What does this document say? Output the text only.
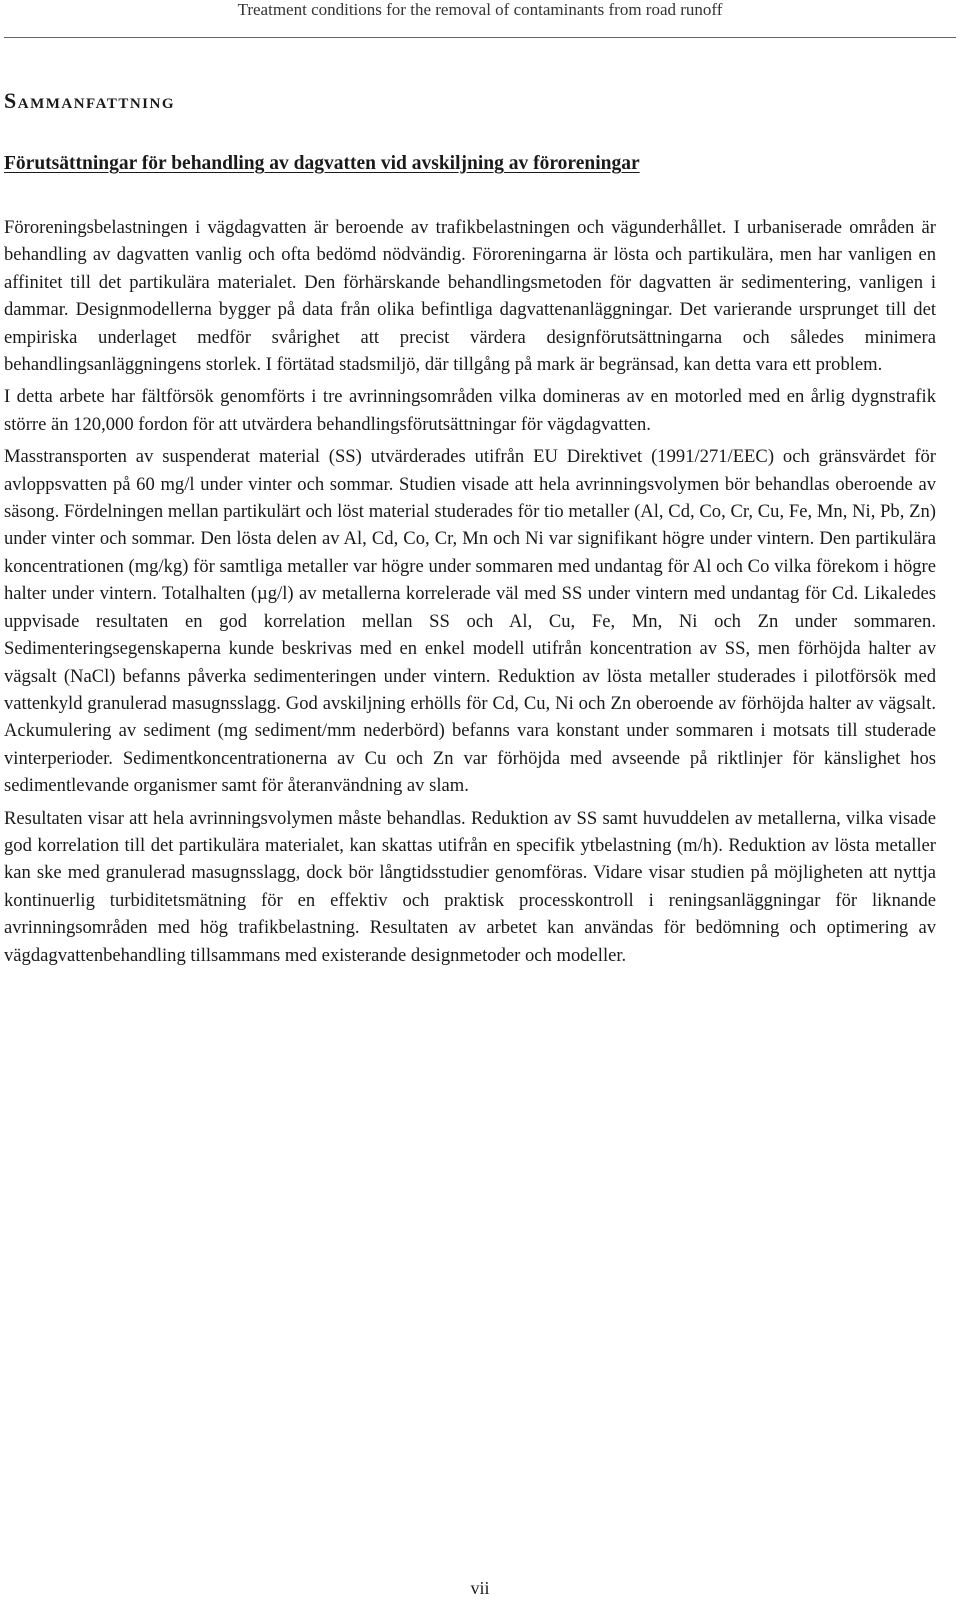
Treatment conditions for the removal of contaminants from road runoff
Sammanfattning
Förutsättningar för behandling av dagvatten vid avskiljning av föroreningar

Föroreningsbelastningen i vägdagvatten är beroende av trafikbelastningen och vägunderhållet. I urbaniserade områden är behandling av dagvatten vanlig och ofta bedömd nödvändig. Föroreningarna är lösta och partikulära, men har vanligen en affinitet till det partikulära materialet. Den förhärskande behandlingsmetoden för dagvatten är sedimentering, vanligen i dammar. Designmodellerna bygger på data från olika befintliga dagvattenanläggningar. Det varierande ursprunget till det empiriska underlaget medför svårighet att precist värdera designförutsättningarna och således minimera behandlingsanläggningens storlek. I förtätad stadsmiljö, där tillgång på mark är begränsad, kan detta vara ett problem.

I detta arbete har fältförsök genomförts i tre avrinningsområden vilka domineras av en motorled med en årlig dygnstrafik större än 120,000 fordon för att utvärdera behandlingsförutsättningar för vägdagvatten.

Masstransporten av suspenderat material (SS) utvärderades utifrån EU Direktivet (1991/271/EEC) och gränsvärdet för avloppsvatten på 60 mg/l under vinter och sommar. Studien visade att hela avrinningsvolymen bör behandlas oberoende av säsong. Fördelningen mellan partikulärt och löst material studerades för tio metaller (Al, Cd, Co, Cr, Cu, Fe, Mn, Ni, Pb, Zn) under vinter och sommar. Den lösta delen av Al, Cd, Co, Cr, Mn och Ni var signifikant högre under vintern. Den partikulära koncentrationen (mg/kg) för samtliga metaller var högre under sommaren med undantag för Al och Co vilka förekom i högre halter under vintern. Totalhalten (µg/l) av metallerna korrelerade väl med SS under vintern med undantag för Cd. Likaledes uppvisade resultaten en god korrelation mellan SS och Al, Cu, Fe, Mn, Ni och Zn under sommaren. Sedimenteringsegenskaperna kunde beskrivas med en enkel modell utifrån koncentration av SS, men förhöjda halter av vägsalt (NaCl) befanns påverka sedimenteringen under vintern. Reduktion av lösta metaller studerades i pilotförsök med vattenkyld granulerad masugnsslagg. God avskiljning erhölls för Cd, Cu, Ni och Zn oberoende av förhöjda halter av vägsalt. Ackumulering av sediment (mg sediment/mm nederbörd) befanns vara konstant under sommaren i motsats till studerade vinterperioder. Sedimentkoncentrationerna av Cu och Zn var förhöjda med avseende på riktlinjer för känslighet hos sedimentlevande organismer samt för återanvändning av slam.

Resultaten visar att hela avrinningsvolymen måste behandlas. Reduktion av SS samt huvuddelen av metallerna, vilka visade god korrelation till det partikulära materialet, kan skattas utifrån en specifik ytbelastning (m/h). Reduktion av lösta metaller kan ske med granulerad masugnsslagg, dock bör långtidsstudier genomföras. Vidare visar studien på möjligheten att nyttja kontinuerlig turbiditetsmätning för en effektiv och praktisk processkontroll i reningsanläggningar för liknande avrinningsområden med hög trafikbelastning. Resultaten av arbetet kan användas för bedömning och optimering av vägdagvattenbehandling tillsammans med existerande designmetoder och modeller.

vii
